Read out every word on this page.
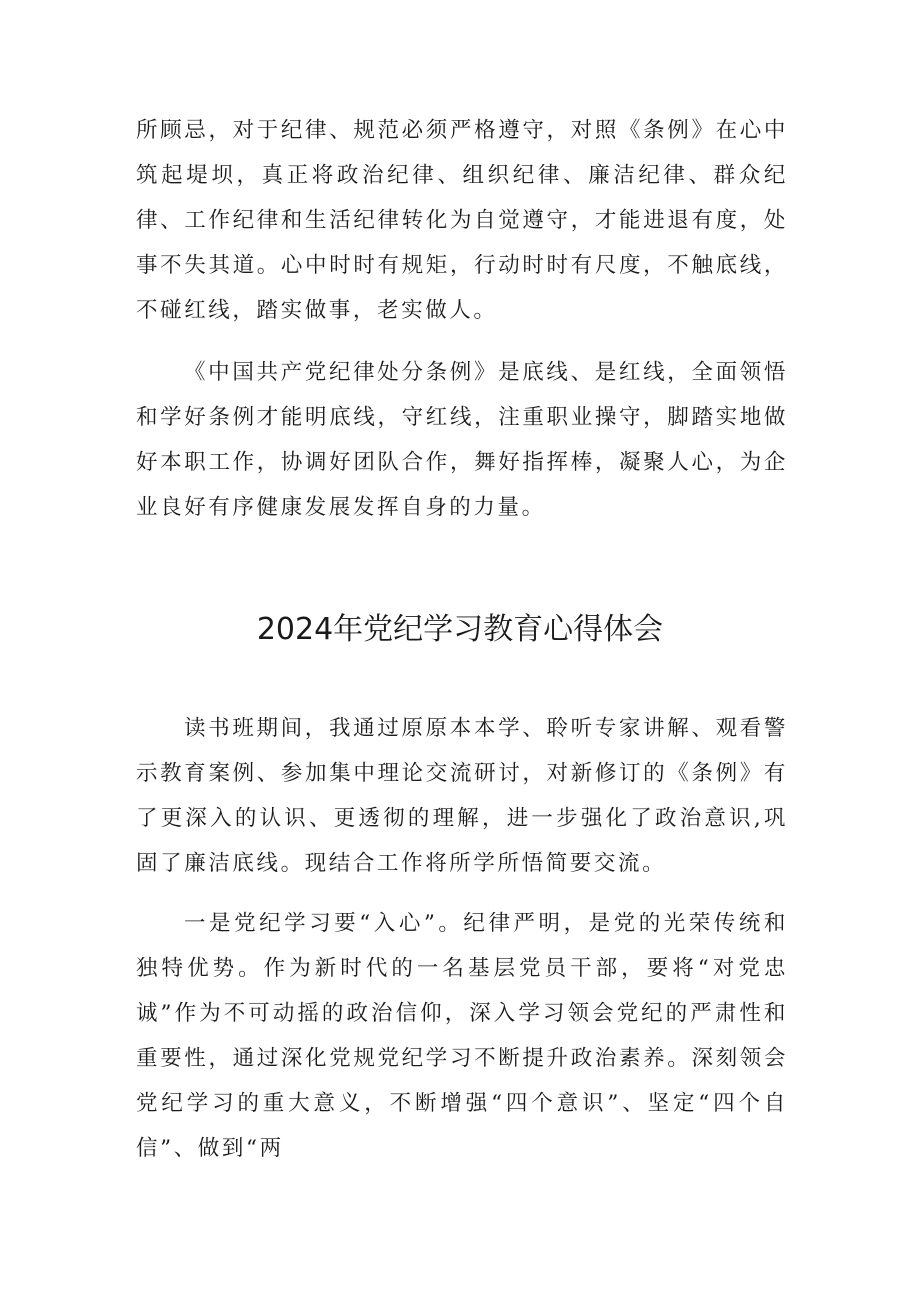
所顾忌，对于纪律、规范必须严格遵守，对照《条例》在心中筑起堤坝，真正将政治纪律、组织纪律、廉洁纪律、群众纪律、工作纪律和生活纪律转化为自觉遵守，才能进退有度，处事不失其道。心中时时有规矩，行动时时有尺度，不触底线，不碰红线，踏实做事，老实做人。

《中国共产党纪律处分条例》是底线、是红线，全面领悟和学好条例才能明底线，守红线，注重职业操守，脚踏实地做好本职工作，协调好团队合作，舞好指挥棒，凝聚人心，为企业良好有序健康发展发挥自身的力量。

2024年党纪学习教育心得体会

读书班期间，我通过原原本本学、聆听专家讲解、观看警示教育案例、参加集中理论交流研讨，对新修订的《条例》有了更深入的认识、更透彻的理解，进一步强化了政治意识,巩固了廉洁底线。现结合工作将所学所悟简要交流。

一是党纪学习要“入心”。纪律严明，是党的光荣传统和独特优势。作为新时代的一名基层党员干部，要将“对党忠诚”作为不可动摇的政治信仰，深入学习领会党纪的严肃性和重要性，通过深化党规党纪学习不断提升政治素养。深刻领会党纪学习的重大意义，不断增强“四个意识”、坚定“四个自信”、做到“两
